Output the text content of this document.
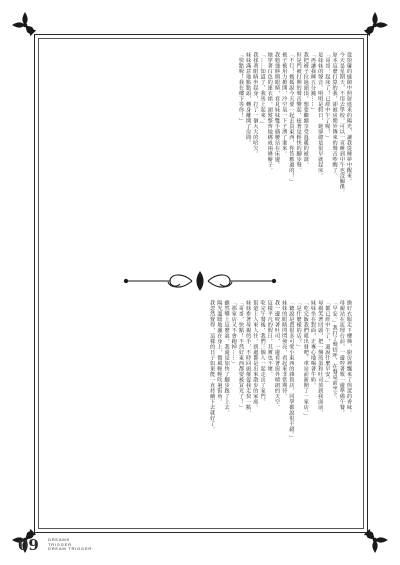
從窗簾的縫隙中照射進來的陽光，讓我從睡夢中醒來。

今天是星期天，不用去學校，可以一直睡到中午也沒關係。

原本這麼打算的我，卻被房間外傳來的聲音吵醒了。

「哥哥，起床了！已經中午了喔！」

是妹妹的聲音。明明是假日，她卻總是很早就起床。

「再讓我睡五分鐘……」

我把被子拉過頭頂，想要繼續享受溫暖的被窩。

但是門被打開的聲音響起，接著是輕快的腳步聲。

「不行！媽媽說今天要一起去買東西，你答應過的！」

被子被用力掀開，冷空氣一下子湧了進來。

我勉強睜開眼睛，看見妹妹雙手插腰站在床邊。

她穿著白色的連衣裙，頭髮整齊地綁成兩條辮子。

「……知道了，我馬上起來。」

我揉著眼睛坐起身，打了一個大大的哈欠。

妹妹滿意地點點頭，轉身離開了房間。

「快點喔！我在樓下等你！」

換好衣服走下樓梯，廚房裡飄來了煎蛋的香味。

母親站在流理台前，一邊哼著歌一邊準備午餐。

「早安。」我打了聲招呼，在餐桌前坐下。

「都已經中午了，還說什麼早安。」

母親笑著回頭，把一盤煎蛋和吐司放到我面前。

妹妹坐在對面，正專心地喝著牛奶。

「吃完飯我們就出發吧，車站前新開了一家店。」

「是什麼樣的店？」

「聽說是賣很多可愛小東西的雜貨店，同學都說很不錯。」

妹妹的眼睛閃閃發亮，看起來非常期待。

我一邊咬著吐司，一邊看著窗外晴朗的天空。

這樣平凡的假日，其實也不壞。

吃完午餐後，我們三個人一起走出了家門。

街道上人來人往，到處都是出來散步的家庭。

妹妹牽著母親的手，不時回頭催促我走快一點。

「哥哥，快點！不然好東西都要被買光了！」

「那家店又不會跑掉……」

雖然嘴上這麼說，我還是加快了腳步跟了上去。

陽光溫暖地灑在身上，微風輕輕吹過街角。

我忽然覺得，這樣的日子如果能一直持續下去就好了。

09 DREAMS
TRIGGER
DREAM TRIGGER
